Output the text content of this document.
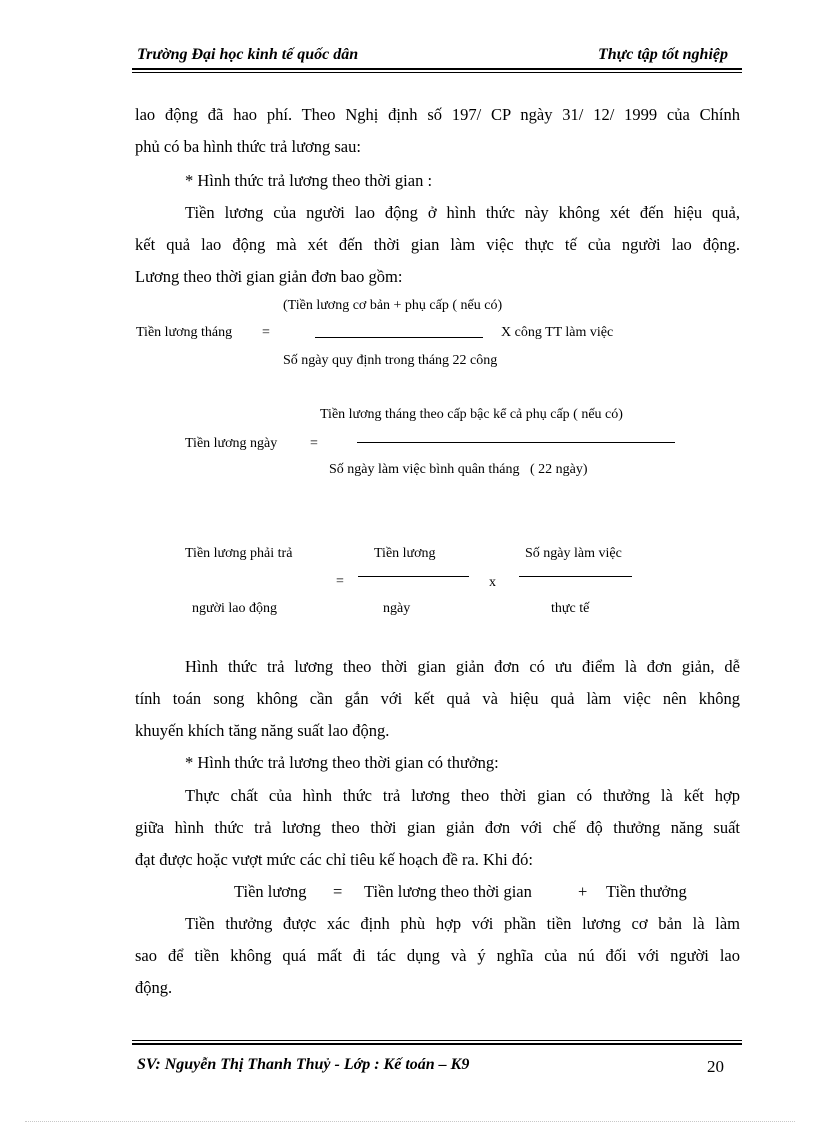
Trường Đại học kinh tế quốc dân	Thực tập tốt nghiệp
lao động đã hao phí. Theo Nghị định số 197/ CP ngày 31/ 12/ 1999 của Chính
phủ có ba hình thức trả lương sau:
* Hình thức trả lương theo thời gian :
Tiền lương của người lao động ở hình thức này không xét đến hiệu quả,
kết quả lao động mà xét đến thời gian làm việc thực tế của người lao động.
Lương theo thời gian giản đơn bao gồm:
(Tiền lương cơ bản + phụ cấp ( nếu có)
Tiền lương tháng =	X công TT làm việc
Số ngày quy định trong tháng 22 công
Tiền lương tháng theo cấp bậc kể cả phụ cấp ( nếu có)
Tiền lương ngày =
Số ngày làm việc bình quân tháng   ( 22 ngày)
Tiền lương phải trả
người lao động
=
Tiền lương
ngày
x
Số ngày làm việc
thực tế
Hình thức trả lương theo thời gian giản đơn có ưu điểm là đơn giản, dễ
tính toán song không cần gắn với kết quả và hiệu quả làm việc nên không
khuyến khích tăng năng suất lao động.
* Hình thức trả lương theo thời gian có thưởng:
Thực chất của hình thức trả lương theo thời gian có thưởng là kết hợp
giữa hình thức trả lương theo thời gian giản đơn với chế độ thưởng năng suất
đạt được hoặc vượt mức các chỉ tiêu kế hoạch đề ra. Khi đó:
Tiền lương = Tiền lương theo thời gian	+ Tiền thưởng
Tiền thưởng được xác định phù hợp với phần tiền lương cơ bản là làm
sao để tiền không quá mất đi tác dụng và ý nghĩa của nú đối với người lao
động.
SV: Nguyễn Thị Thanh Thuỷ - Lớp : Kế toán – K9	20
